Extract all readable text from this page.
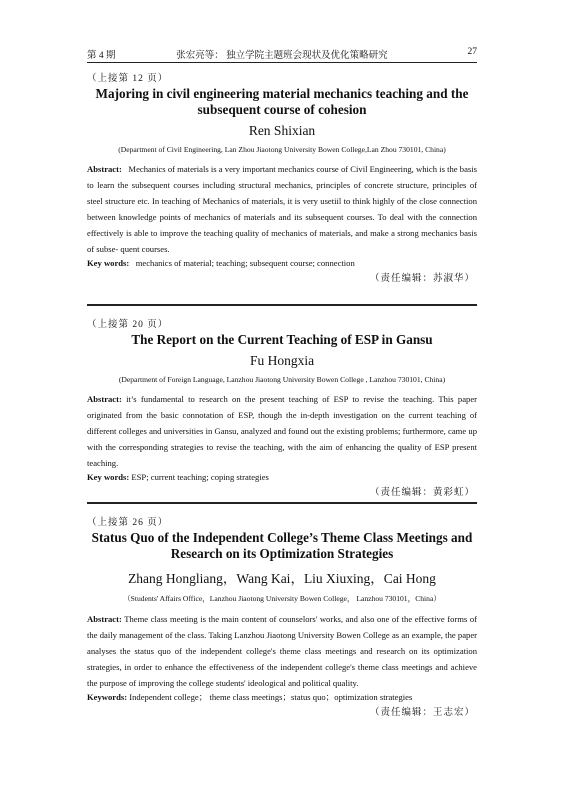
第 4 期	张宏亮等： 独立学院主题班会现状及优化策略研究	27
（上接第 12 页）
Majoring in civil engineering material mechanics teaching and the subsequent course of cohesion
Ren Shixian
(Department of Civil Engineering, Lan Zhou Jiaotong University Bowen College,Lan Zhou 730101, China)
Abstract: Mechanics of materials is a very important mechanics course of Civil Engineering, which is the basis to learn the subsequent courses including structural mechanics, principles of concrete structure, principles of steel structure etc. In teaching of Mechanics of materials, it is very usetiil to think highly of the close connection between knowledge points of mechanics of materials and its subsequent courses. To deal with the connection effectively is able to improve the teaching quality of mechanics of materials, and make a strong mechanics basis of subse- quent courses.
Key words: mechanics of material; teaching; subsequent course; connection
（责任编辑：苏淑华）
（上接第 20 页）
The Report on the Current Teaching of ESP in Gansu
Fu Hongxia
(Department of Foreign Language, Lanzhou Jiaotong University Bowen College , Lanzhou 730101, China)
Abstract: it’s fundamental to research on the present teaching of ESP to revise the teaching. This paper originated from the basic connotation of ESP, though the in-depth investigation on the current teaching of different colleges and universities in Gansu, analyzed and found out the existing problems; furthermore, came up with the corresponding strategies to revise the teaching, with the aim of enhancing the quality of ESP present teaching.
Key words: ESP; current teaching; coping strategies
（责任编辑：黄彩虹）
（上接第 26 页）
Status Quo of the Independent College’s Theme Class Meetings and Research on its Optimization Strategies
Zhang Hongliang，Wang Kai，Liu Xiuxing，Cai Hong
（Students' Affairs Office，Lanzhou Jiaotong University Bowen College， Lanzhou 730101，China）
Abstract: Theme class meeting is the main content of counselors' works, and also one of the effective forms of the daily management of the class. Taking Lanzhou Jiaotong University Bowen College as an example, the paper analyses the status quo of the independent college's theme class meetings and research on its optimization strategies, in order to enhance the effectiveness of the independent college's theme class meetings and achieve the purpose of improving the college students' ideological and political quality.
Keywords: Independent college； theme class meetings；status quo；optimization strategies
（责任编辑：王志宏）
